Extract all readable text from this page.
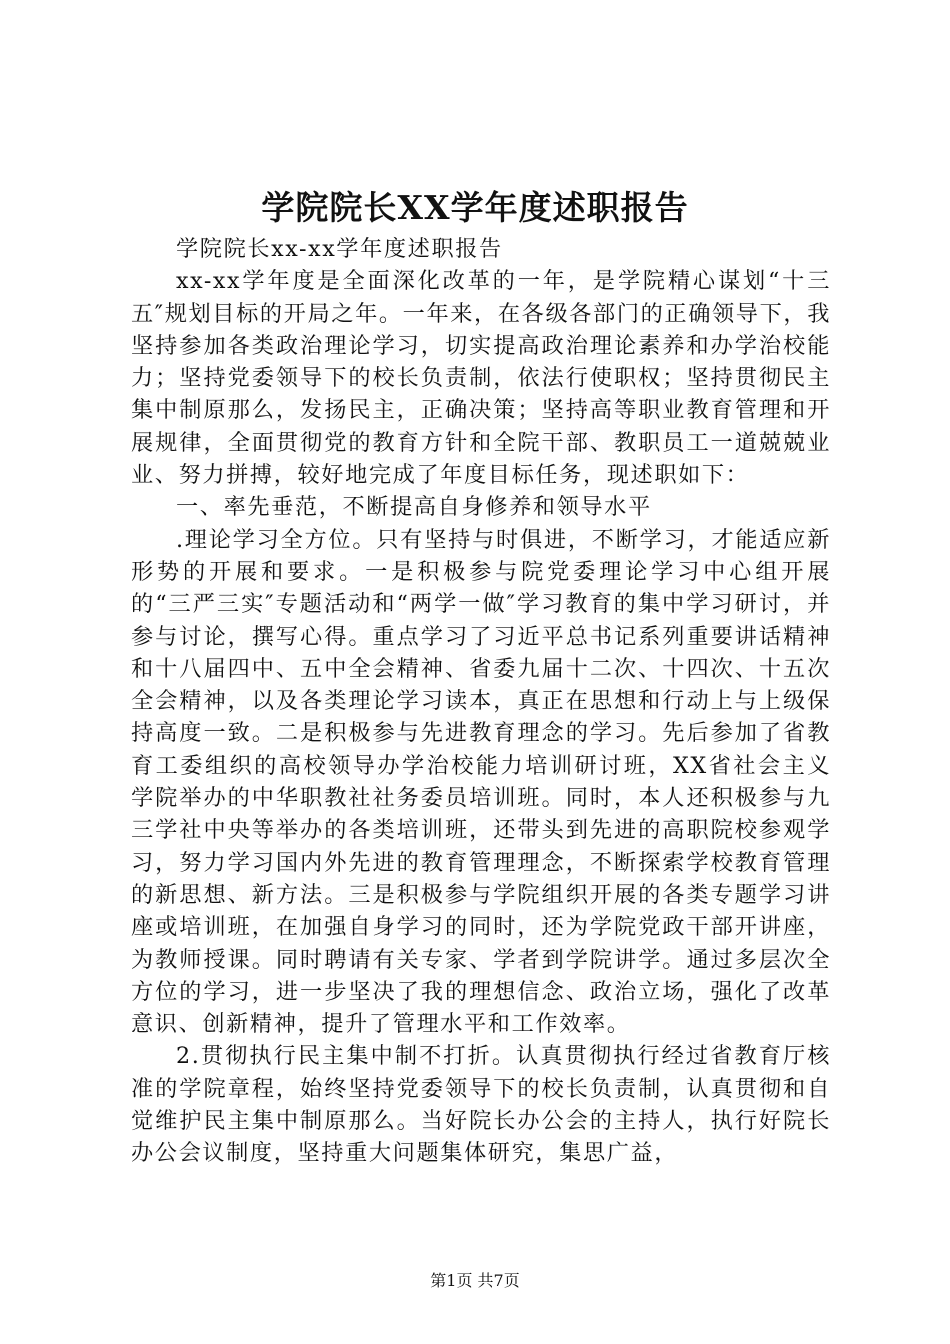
学院院长XX学年度述职报告

学院院长xx-xx学年度述职报告

xx-xx学年度是全面深化改革的一年，是学院精心谋划“十三五″规划目标的开局之年。一年来，在各级各部门的正确领导下，我坚持参加各类政治理论学习，切实提高政治理论素养和办学治校能力；坚持党委领导下的校长负责制，依法行使职权；坚持贯彻民主集中制原那么，发扬民主，正确决策；坚持高等职业教育管理和开展规律，全面贯彻党的教育方针和全院干部、教职员工一道兢兢业业、努力拼搏，较好地完成了年度目标任务，现述职如下：

一、率先垂范，不断提高自身修养和领导水平

.理论学习全方位。只有坚持与时俱进，不断学习，才能适应新形势的开展和要求。一是积极参与院党委理论学习中心组开展的“三严三实″专题活动和“两学一做″学习教育的集中学习研讨，并参与讨论，撰写心得。重点学习了习近平总书记系列重要讲话精神和十八届四中、五中全会精神、省委九届十二次、十四次、十五次全会精神，以及各类理论学习读本，真正在思想和行动上与上级保持高度一致。二是积极参与先进教育理念的学习。先后参加了省教育工委组织的高校领导办学治校能力培训研讨班，XX省社会主义学院举办的中华职教社社务委员培训班。同时，本人还积极参与九三学社中央等举办的各类培训班，还带头到先进的高职院校参观学习，努力学习国内外先进的教育管理理念，不断探索学校教育管理的新思想、新方法。三是积极参与学院组织开展的各类专题学习讲座或培训班，在加强自身学习的同时，还为学院党政干部开讲座，为教师授课。同时聘请有关专家、学者到学院讲学。通过多层次全方位的学习，进一步坚决了我的理想信念、政治立场，强化了改革意识、创新精神，提升了管理水平和工作效率。

2.贯彻执行民主集中制不打折。认真贯彻执行经过省教育厅核准的学院章程，始终坚持党委领导下的校长负责制，认真贯彻和自觉维护民主集中制原那么。当好院长办公会的主持人，执行好院长办公会议制度，坚持重大问题集体研究，集思广益，

第1页 共7页
